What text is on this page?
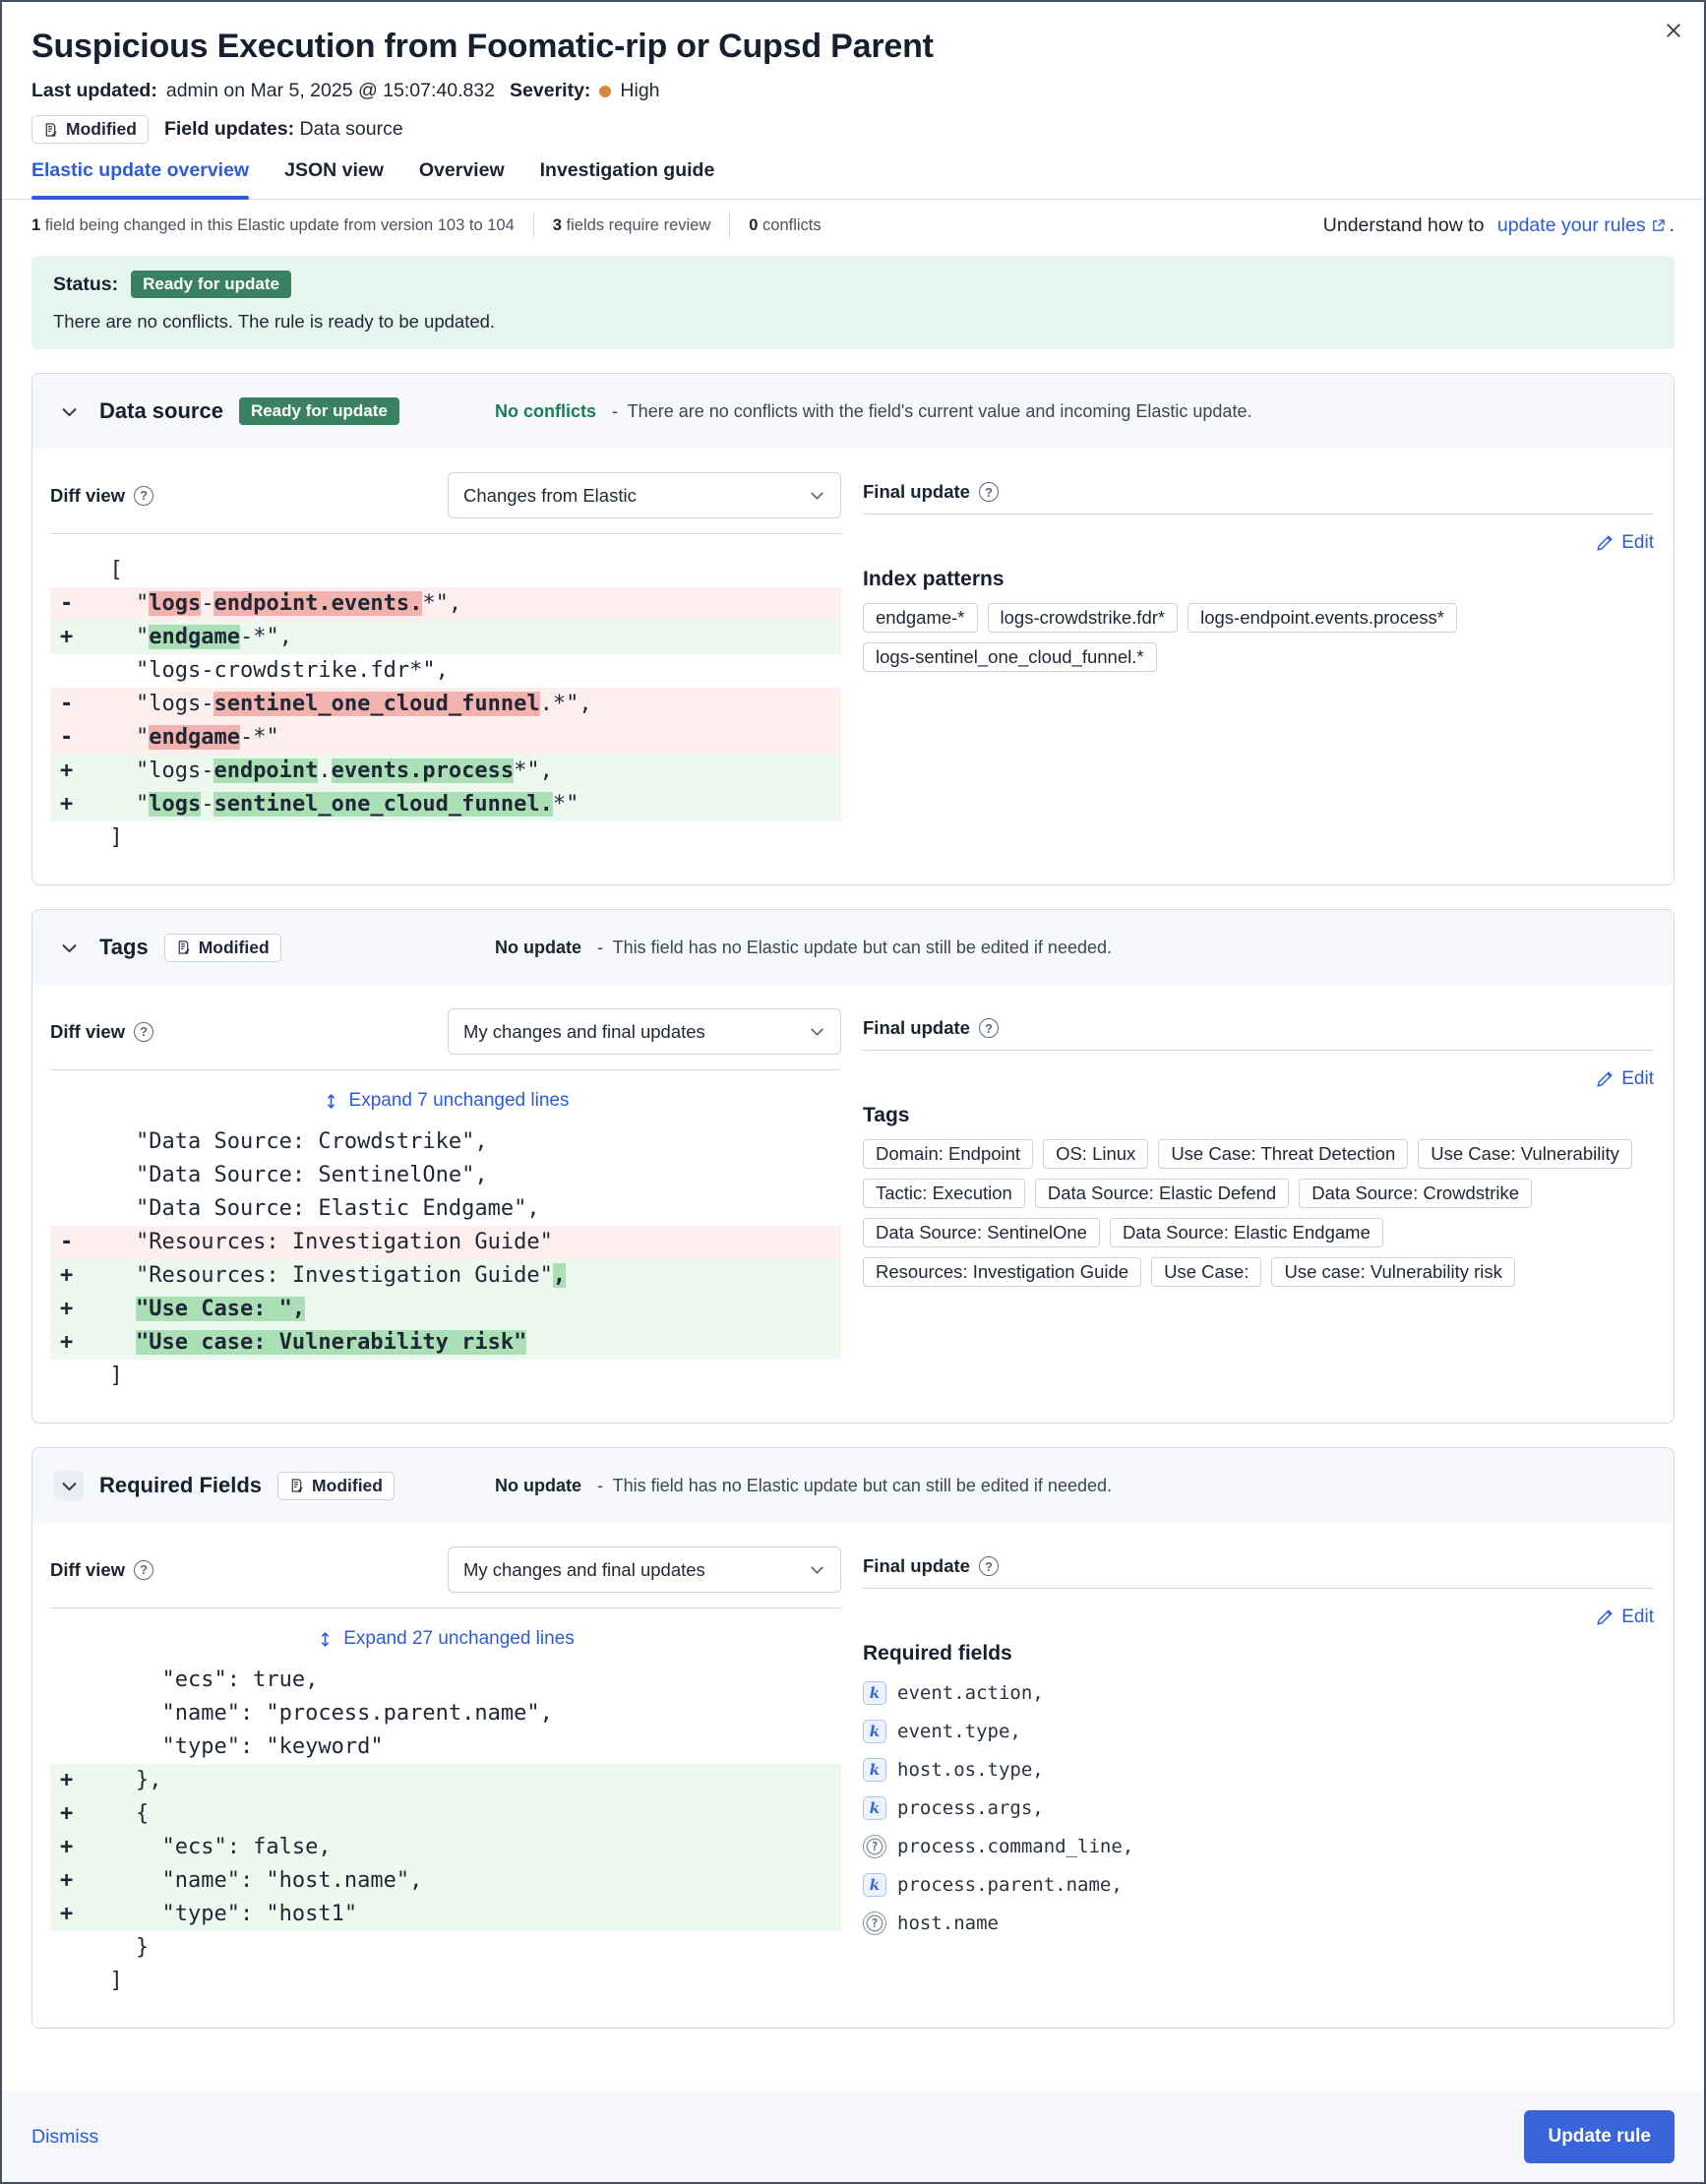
Suspicious Execution from Foomatic-rip or Cupsd Parent
Last updated: admin on Mar 5, 2025 @ 15:07:40.832 Severity: High
Modified Field updates: Data source
Elastic update overview JSON view Overview Investigation guide
1 field being changed in this Elastic update from version 103 to 104 3 fields require review 0 conflicts	Understand how to
update your rules .
Status:	Ready for update
There are no conflicts. The rule is ready to be updated.
Data source	Ready for update	No conflicts -  There are no conflicts with the field's current value and incoming Elastic update.
Diff view	?	Changes from Elastic
[
- "logs-endpoint.events.*",
+ "endgame-*",
"logs-crowdstrike.fdr*",
- "logs-sentinel_one_cloud_funnel.*",
- "endgame-*"
+ "logs-endpoint.events.process*",
+ "logs-sentinel_one_cloud_funnel.*"
]
Final update	?
Edit
Index patterns
endgame-*	logs-crowdstrike.fdr*	logs-endpoint.events.process*
logs-sentinel_one_cloud_funnel.*
Tags	Modified	No update -  This field has no Elastic update but can still be edited if needed.
Diff view	?	My changes and final updates
Expand 7 unchanged lines
"Data Source: Crowdstrike",
"Data Source: SentinelOne",
"Data Source: Elastic Endgame",
- "Resources: Investigation Guide"
+ "Resources: Investigation Guide",
+	"Use Case: ",
+	"Use case: Vulnerability risk"
]
Final update	?
Edit
Tags
Domain: Endpoint	OS: Linux	Use Case: Threat Detection	Use Case: Vulnerability
Tactic: Execution	Data Source: Elastic Defend	Data Source: Crowdstrike
Data Source: SentinelOne	Data Source: Elastic Endgame
Resources: Investigation Guide	Use Case:	Use case: Vulnerability risk
Required Fields	Modified	No update -  This field has no Elastic update but can still be edited if needed.
Diff view	?	My changes and final updates
Expand 27 unchanged lines
"ecs": true,
"name": "process.parent.name",
"type": "keyword"
+ },
+ {
+ "ecs": false,
+ "name": "host.name",
+ "type": "host1"
}
]
Final update	?
Edit
Required fields
k event.action,
k event.type,
k host.os.type,
k process.args,
?	process.command_line,
k process.parent.name,
?	host.name
Dismiss	Update rule
